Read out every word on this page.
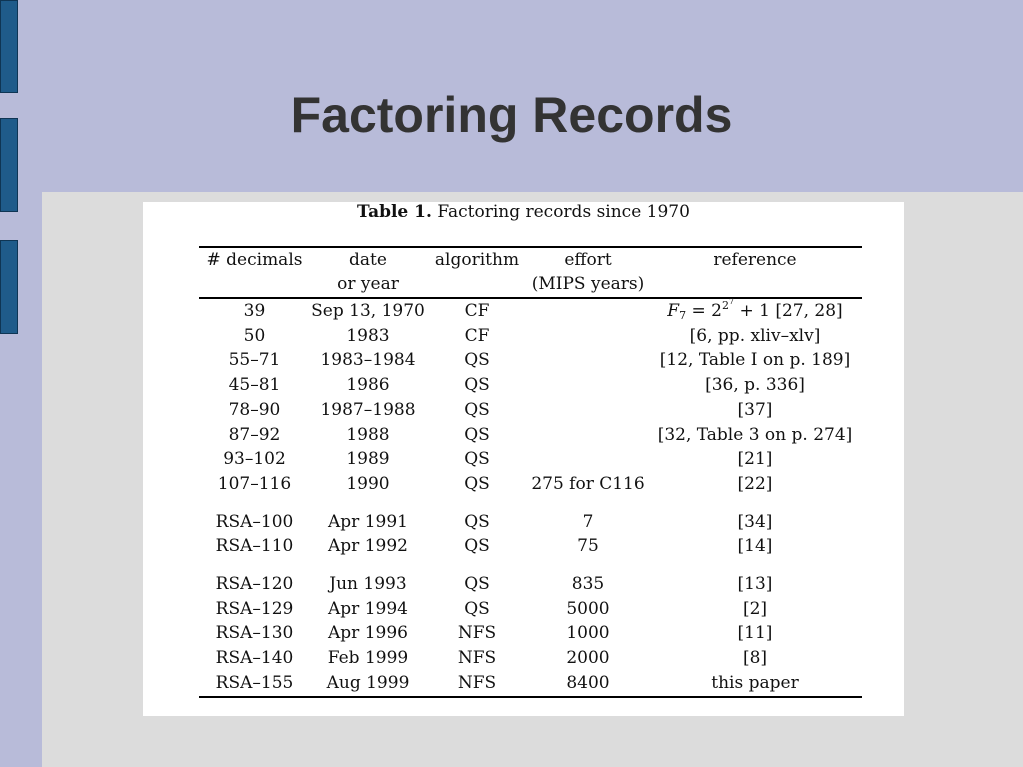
Factoring Records
Table 1. Factoring records since 1970
# decimals	date	algorithm	effort	reference
	or year		(MIPS years)	
39	Sep 13, 1970	CF		$F_7 = 2^{2^7} + 1$ [27, 28]
50	1983	CF		[6, pp. xliv–xlv]
55–71	1983–1984	QS		[12, Table I on p. 189]
45–81	1986	QS		[36, p. 336]
78–90	1987–1988	QS		[37]
87–92	1988	QS		[32, Table 3 on p. 274]
93–102	1989	QS		[21]
107–116	1990	QS	275 for C116	[22]
RSA–100	Apr 1991	QS	7	[34]
RSA–110	Apr 1992	QS	75	[14]
RSA–120	Jun 1993	QS	835	[13]
RSA–129	Apr 1994	QS	5000	[2]
RSA–130	Apr 1996	NFS	1000	[11]
RSA–140	Feb 1999	NFS	2000	[8]
RSA–155	Aug 1999	NFS	8400	this paper
